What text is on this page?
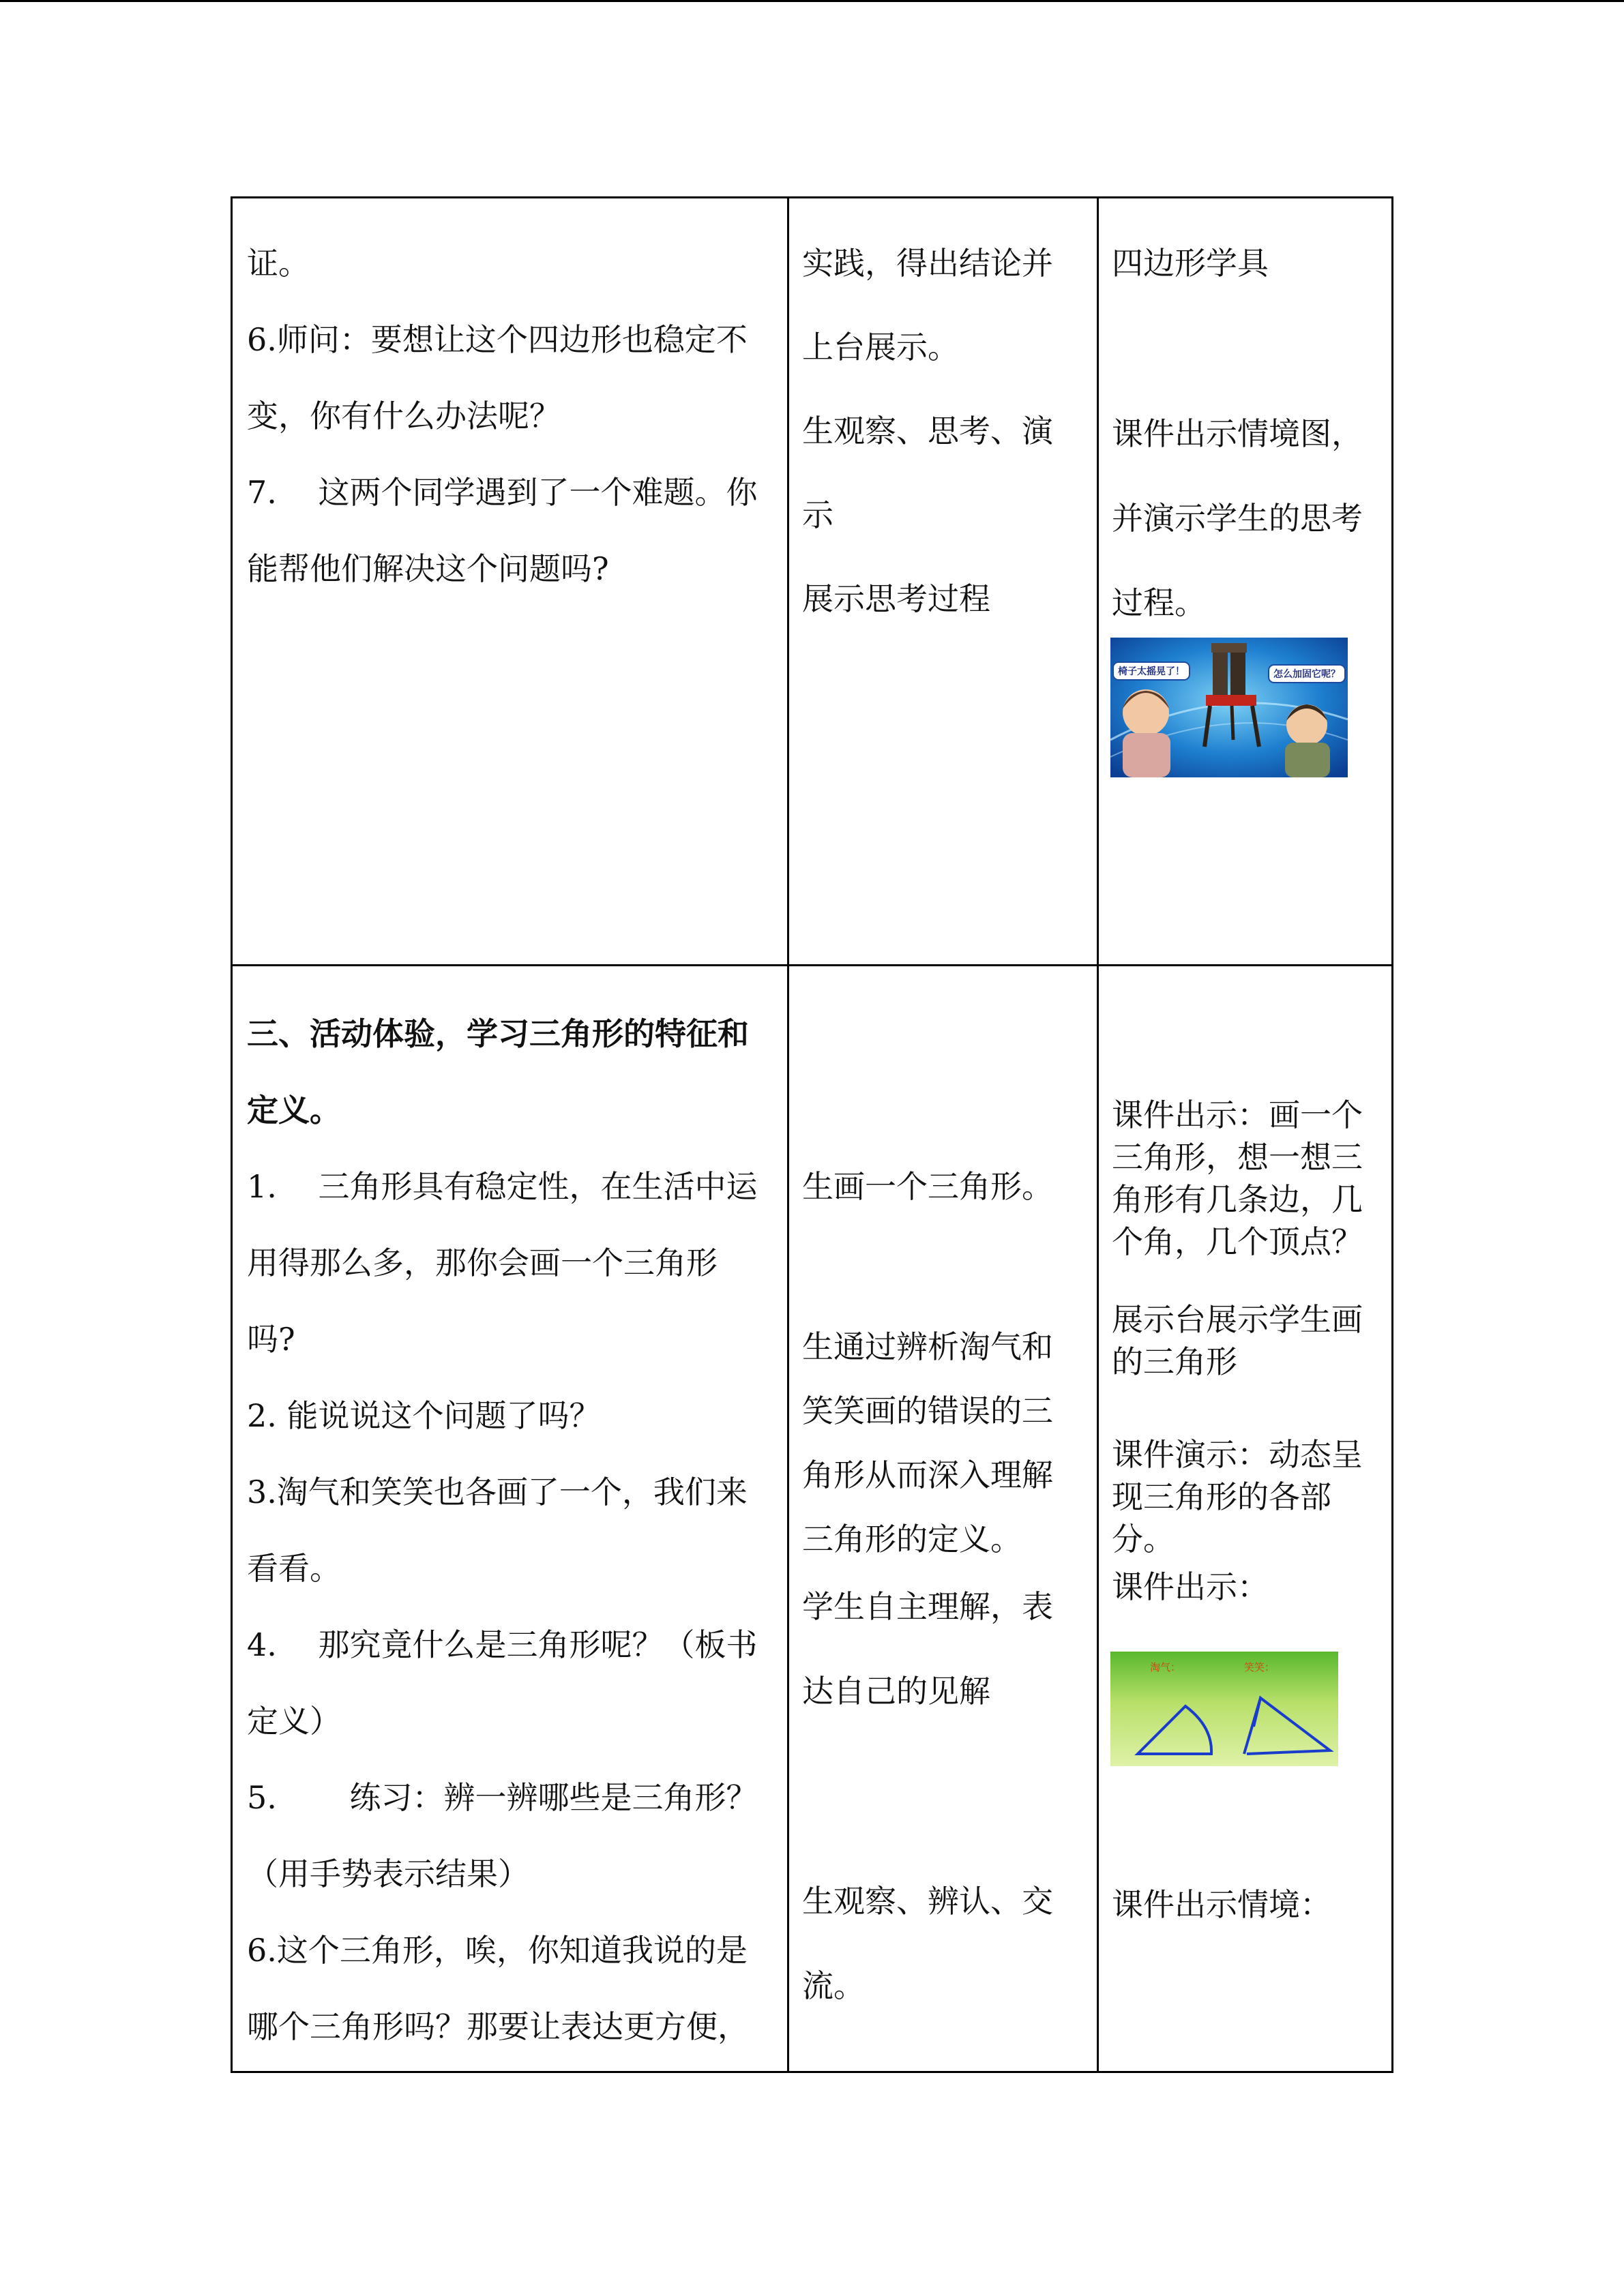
证。

6.师问：要想让这个四边形也稳定不

变，你有什么办法呢？

7.　 这两个同学遇到了一个难题。你

能帮他们解决这个问题吗?

实践，得出结论并

上台展示。

生观察、思考、演

示

展示思考过程

四边形学具

课件出示情境图，

并演示学生的思考

过程。

椅子太摇晃了！	怎么加固它呢？

三、活动体验，学习三角形的特征和

定义。

1.　 三角形具有稳定性，在生活中运

用得那么多，那你会画一个三角形

吗?

2. 能说说这个问题了吗？

3.淘气和笑笑也各画了一个，我们来

看看。

4.　 那究竟什么是三角形呢？（板书

定义）

5.　　 练习：辨一辨哪些是三角形？

（用手势表示结果）

6.这个三角形，唉，你知道我说的是

哪个三角形吗？那要让表达更方便，

生画一个三角形。

生通过辨析淘气和

笑笑画的错误的三

角形从而深入理解

三角形的定义。

学生自主理解，表

达自己的见解

生观察、辨认、交

流。

课件出示：画一个

三角形，想一想三

角形有几条边，几

个角，几个顶点？

展示台展示学生画

的三角形

课件演示：动态呈

现三角形的各部

分。

课件出示：

淘气：	笑笑：

课件出示情境：
